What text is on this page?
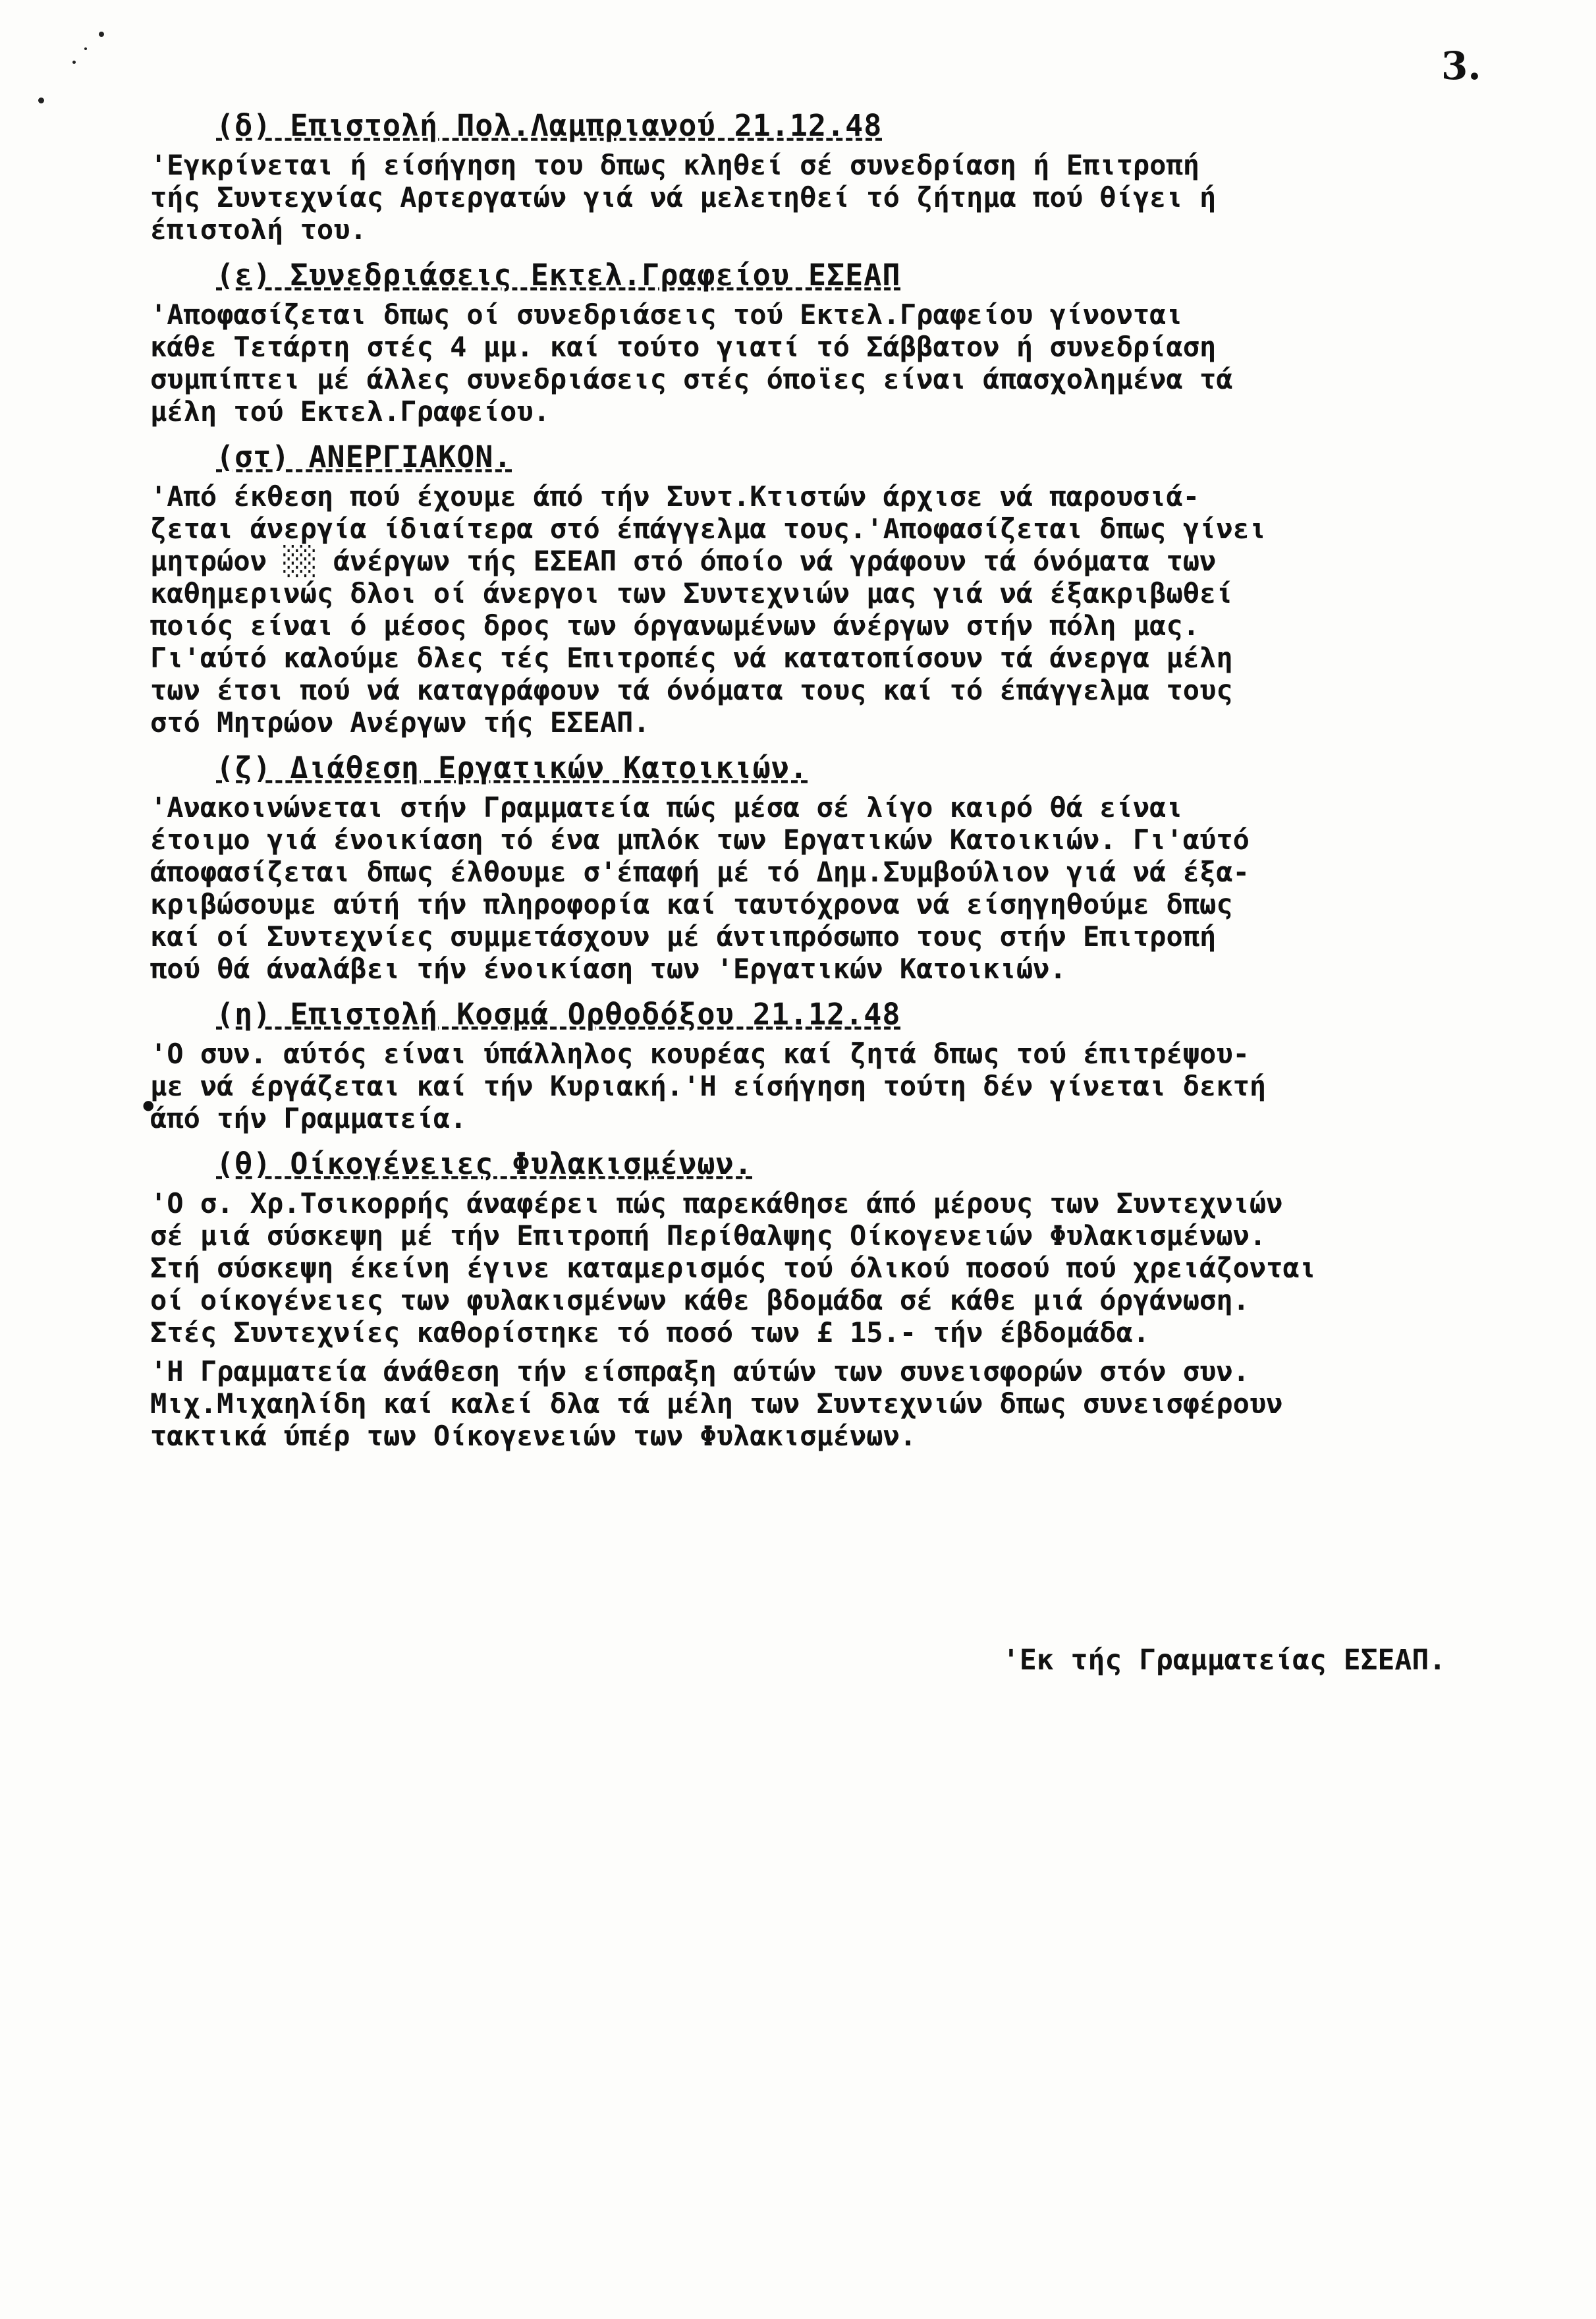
•
3.
(δ) Επιστολή Πολ.Λαμπριανού 21.12.48

'Εγκρίνεται ή είσήγηση του δπως κληθεί σέ συνεδρίαση ή Επιτροπή
τής Συντεχνίας Αρτεργατών γιά νά μελετηθεί τό ζήτημα πού θίγει ή
έπιστολή του.

(ε) Συνεδριάσεις Εκτελ.Γραφείου ΕΣΕΑΠ

'Αποφασίζεται δπως οί συνεδριάσεις τού Εκτελ.Γραφείου γίνονται
κάθε Τετάρτη στές 4 μμ. καί τούτο γιατί τό Σάββατον ή συνεδρίαση
συμπίπτει μέ άλλες συνεδριάσεις στές όποϊες είναι άπασχολημένα τά
μέλη τού Εκτελ.Γραφείου.

(στ) ΑΝΕΡΓΙΑΚΟΝ.

'Από έκθεση πού έχουμε άπό τήν Συντ.Κτιστών άρχισε νά παρουσιά-
ζεται άνεργία ίδιαίτερα στό έπάγγελμα τους.'Αποφασίζεται δπως γίνει
μητρώον ░░ άνέργων τής ΕΣΕΑΠ στό όποίο νά γράφουν τά όνόματα των
καθημερινώς δλοι οί άνεργοι των Συντεχνιών μας γιά νά έξακριβωθεί
ποιός είναι ό μέσος δρος των όργανωμένων άνέργων στήν πόλη μας.
Γι'αύτό καλούμε δλες τές Επιτροπές νά κατατοπίσουν τά άνεργα μέλη
των έτσι πού νά καταγράφουν τά όνόματα τους καί τό έπάγγελμα τους
στό Μητρώον Ανέργων τής ΕΣΕΑΠ.

(ζ) Διάθεση Εργατικών Κατοικιών.

'Ανακοινώνεται στήν Γραμματεία πώς μέσα σέ λίγο καιρό θά είναι
έτοιμο γιά ένοικίαση τό ένα μπλόκ των Εργατικών Κατοικιών. Γι'αύτό
άποφασίζεται δπως έλθουμε σ'έπαφή μέ τό Δημ.Συμβούλιον γιά νά έξα-
κριβώσουμε αύτή τήν πληροφορία καί ταυτόχρονα νά είσηγηθούμε δπως
καί οί Συντεχνίες συμμετάσχουν μέ άντιπρόσωπο τους στήν Επιτροπή
πού θά άναλάβει τήν ένοικίαση των 'Εργατικών Κατοικιών.

(η) Επιστολή Κοσμά Ορθοδόξου 21.12.48

'Ο συν. αύτός είναι ύπάλληλος κουρέας καί ζητά δπως τού έπιτρέψου-
με νά έργάζεται καί τήν Κυριακή.'Η είσήγηση τούτη δέν γίνεται δεκτή
άπό τήν Γραμματεία.

(θ) Οίκογένειες Φυλακισμένων.

'Ο σ. Χρ.Τσικορρής άναφέρει πώς παρεκάθησε άπό μέρους των Συντεχνιών
σέ μιά σύσκεψη μέ τήν Επιτροπή Περίθαλψης Οίκογενειών Φυλακισμένων.
Στή σύσκεψη έκείνη έγινε καταμερισμός τού όλικού ποσού πού χρειάζονται
οί οίκογένειες των φυλακισμένων κάθε βδομάδα σέ κάθε μιά όργάνωση.
Στές Συντεχνίες καθορίστηκε τό ποσό των £ 15.- τήν έβδομάδα.

'Η Γραμματεία άνάθεση τήν είσπραξη αύτών των συνεισφορών στόν συν.
Μιχ.Μιχαηλίδη καί καλεί δλα τά μέλη των Συντεχνιών δπως συνεισφέρουν
τακτικά ύπέρ των Οίκογενειών των Φυλακισμένων.

'Εκ τής Γραμματείας ΕΣΕΑΠ.
